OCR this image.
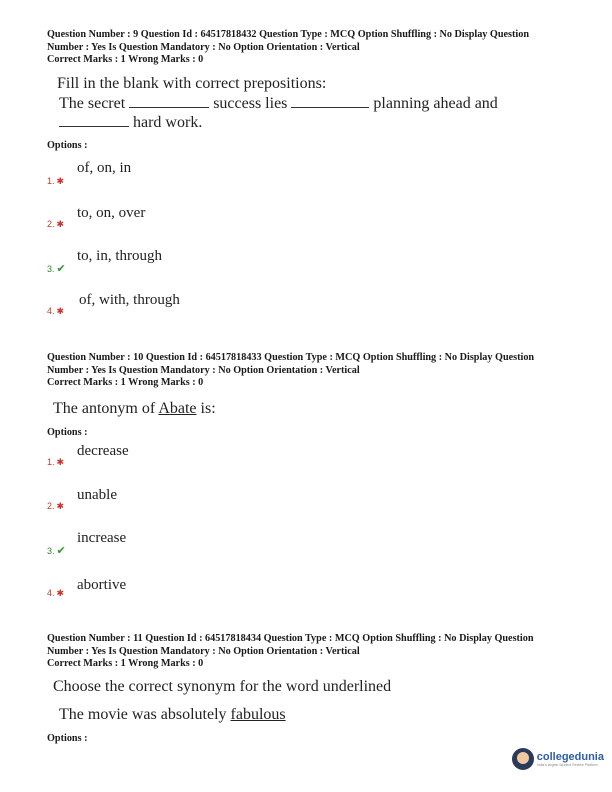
Question Number : 9 Question Id : 64517818432 Question Type : MCQ Option Shuffling : No Display Question
Number : Yes Is Question Mandatory : No Option Orientation : Vertical
Correct Marks : 1 Wrong Marks : 0
Fill in the blank with correct prepositions:
The secret	success lies	planning ahead and
hard work.
Options :
of, on, in
1. ✱
to, on, over
2. ✱
to, in, through
3. ✔
of, with, through
4. ✱
Question Number : 10 Question Id : 64517818433 Question Type : MCQ Option Shuffling : No Display Question
Number : Yes Is Question Mandatory : No Option Orientation : Vertical
Correct Marks : 1 Wrong Marks : 0
The antonym of Abate is:
Options :
decrease
1. ✱
unable
2. ✱
increase
3. ✔
abortive
4. ✱
Question Number : 11 Question Id : 64517818434 Question Type : MCQ Option Shuffling : No Display Question
Number : Yes Is Question Mandatory : No Option Orientation : Vertical
Correct Marks : 1 Wrong Marks : 0
Choose the correct synonym for the word underlined
The movie was absolutely fabulous
Options :
collegedunia
India's largest Student Review Platform
